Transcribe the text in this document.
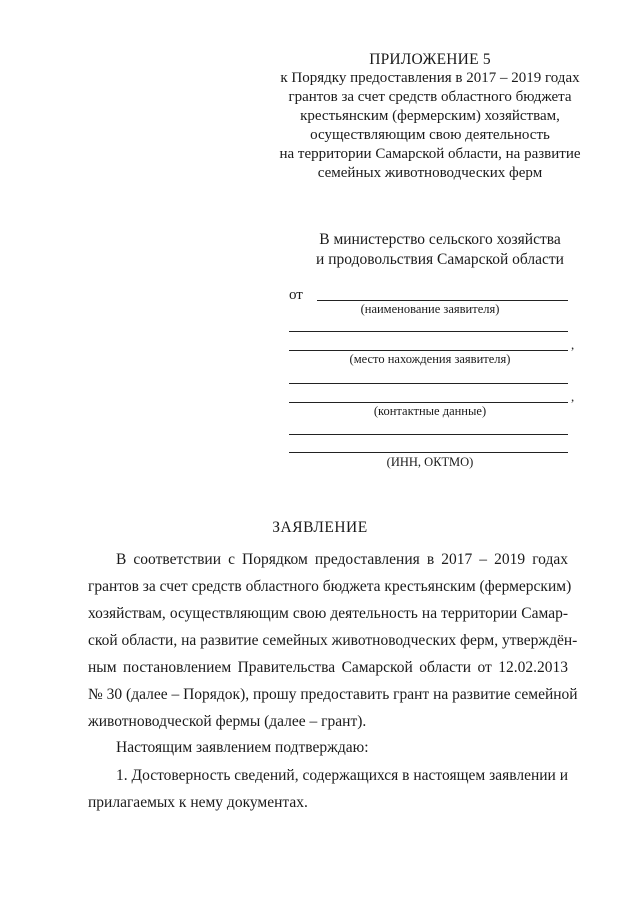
ПРИЛОЖЕНИЕ 5
к Порядку предоставления в 2017 – 2019 годах
грантов за счет средств областного бюджета
крестьянским (фермерским) хозяйствам,
осуществляющим свою деятельность
на территории Самарской области, на развитие
семейных животноводческих ферм
В министерство сельского хозяйства
и продовольствия Самарской области
от
(наименование заявителя)
,
(место нахождения заявителя)
,
(контактные данные)
(ИНН, ОКТМО)
ЗАЯВЛЕНИЕ
В соответствии с Порядком предоставления в 2017 – 2019 годах
грантов за счет средств областного бюджета крестьянским (фермерским)
хозяйствам, осуществляющим свою деятельность на территории Самар-
ской области, на развитие семейных животноводческих ферм, утверждён-
ным постановлением Правительства Самарской области от 12.02.2013
№ 30 (далее – Порядок), прошу предоставить грант на развитие семейной
животноводческой фермы (далее – грант).
Настоящим заявлением подтверждаю:
1. Достоверность сведений, содержащихся в настоящем заявлении и
прилагаемых к нему документах.
